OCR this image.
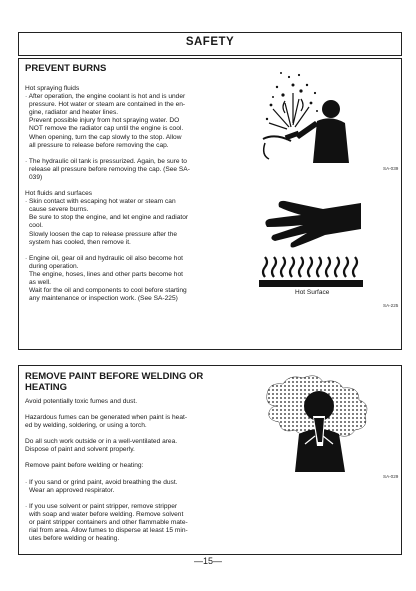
SAFETY
PREVENT BURNS

Hot spraying fluids

· After operation, the engine coolant is hot and is under

pressure. Hot water or steam are contained in the en-

gine, radiator and heater lines.

Prevent possible injury from hot spraying water. DO

NOT remove the radiator cap until the engine is cool.

When opening, turn the cap slowly to the stop. Allow

all pressure to release before removing the cap.

· The hydraulic oil tank is pressurized. Again, be sure to

release all pressure before removing the cap. (See SA-

039)

Hot fluids and surfaces

· Skin contact with escaping hot water or steam can

cause severe burns.

Be sure to stop the engine, and let engine and radiator

cool.

Slowly loosen the cap to release pressure after the

system has cooled, then remove it.

· Engine oil, gear oil and hydraulic oil also become hot

during operation.

The engine, hoses, lines and other parts become hot

as well.

Wait for the oil and components to cool before starting

any maintenance or inspection work. (See SA-225)

SA-039
Hot Surface
SA-225
REMOVE PAINT BEFORE WELDING OR
HEATING

Avoid potentially toxic fumes and dust.

Hazardous fumes can be generated when paint is heat-

ed by welding, soldering, or using a torch.

Do all such work outside or in a well-ventilated area.

Dispose of paint and solvent properly.

Remove paint before welding or heating:

· If you sand or grind paint, avoid breathing the dust.

Wear an approved respirator.

· If you use solvent or paint stripper, remove stripper

with soap and water before welding. Remove solvent

or paint stripper containers and other flammable mate-

rial from area. Allow fumes to disperse at least 15 min-

utes before welding or heating.

SA-029
—15—
